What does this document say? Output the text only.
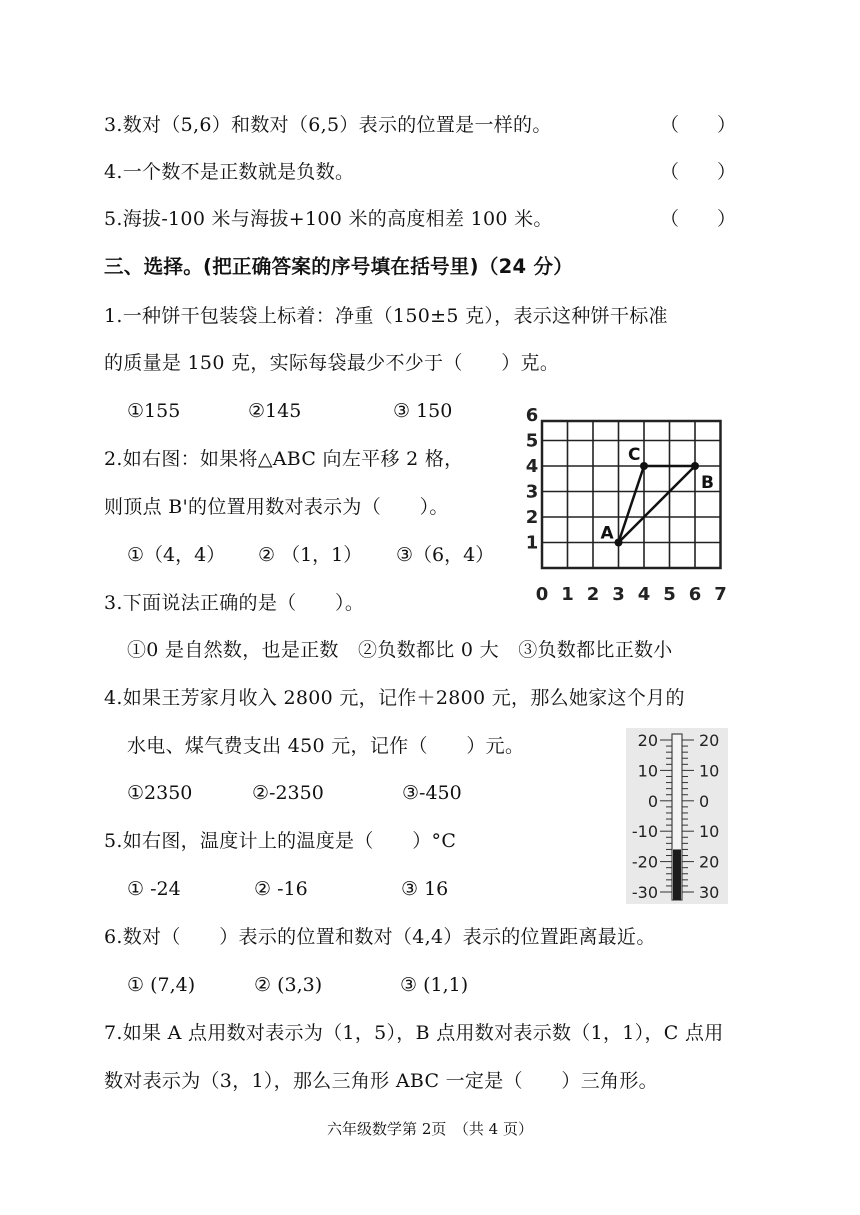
3.数对（5,6）和数对（6,5）表示的位置是一样的。	（　　）
4.一个数不是正数就是负数。	（　　）
5.海拔-100 米与海拔+100 米的高度相差 100 米。	（　　）
三、选择。(把正确答案的序号填在括号里)（24 分）
1.一种饼干包装袋上标着：净重（150±5 克），表示这种饼干标准
的质量是 150 克，实际每袋最少不少于（　　）克。
①155	②145	③ 150
2.如右图：如果将△ABC 向左平移 2 格，
则顶点 B'的位置用数对表示为（　　）。
①（4，4） ② （1，1） ③（6，4）
0 1 2 3 4 5 6 7
1
2
3
4
5
6
A
B
C
3.下面说法正确的是（　　）。
①0 是自然数，也是正数　②负数都比 0 大　③负数都比正数小
4.如果王芳家月收入 2800 元，记作＋2800 元，那么她家这个月的
水电、煤气费支出 450 元，记作（　　）元。
①2350	②-2350	③-450
20	20
10	10
0	0
-10	10
-20	20
-30	30
5.如右图，温度计上的温度是（　　）°C
① -24	② -16	③ 16
6.数对（　　）表示的位置和数对（4,4）表示的位置距离最近。
① (7,4)	② (3,3)	③ (1,1)
7.如果 A 点用数对表示为（1，5），B 点用数对表示数（1，1），C 点用
数对表示为（3，1），那么三角形 ABC 一定是（　　）三角形。
六年级数学第 2页　（共 4 页）
